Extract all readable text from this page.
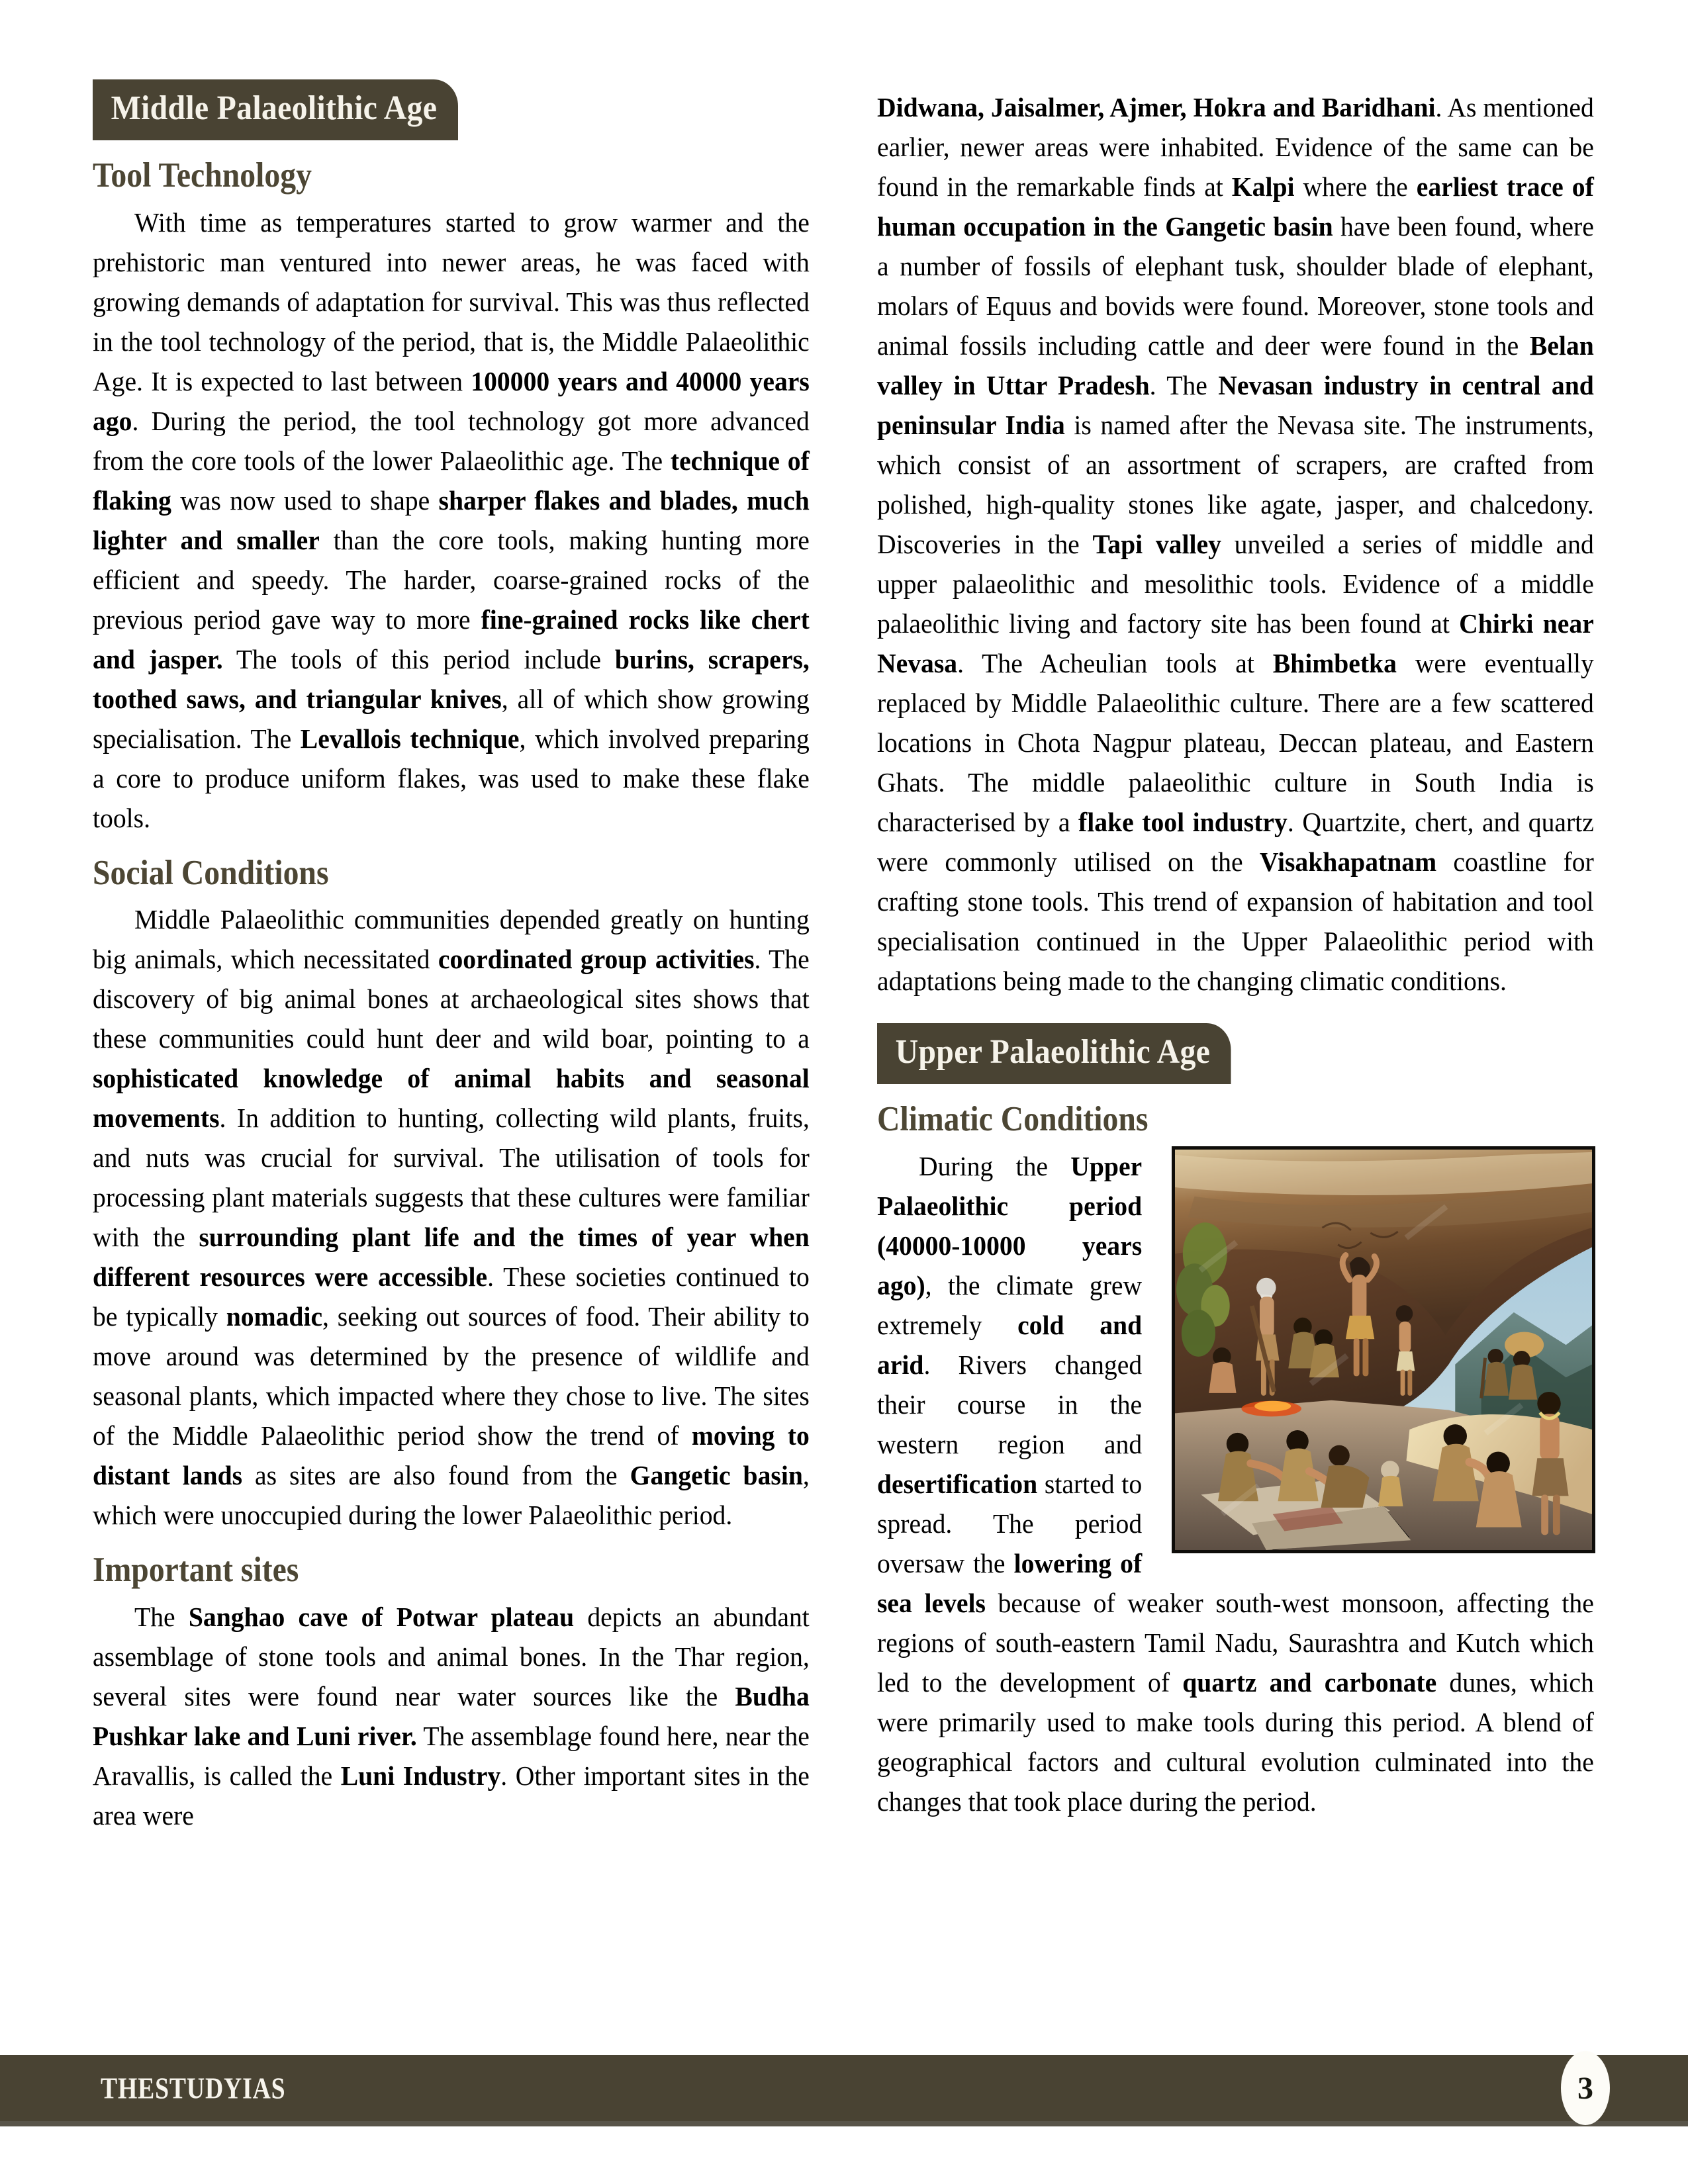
Middle Palaeolithic Age
Tool Technology

With time as temperatures started to grow warmer and the prehistoric man ventured into newer areas, he was faced with growing demands of adaptation for survival. This was thus reflected in the tool technology of the period, that is, the Middle Palaeolithic Age. It is expected to last between 100000 years and 40000 years ago. During the period, the tool technology got more advanced from the core tools of the lower Palaeolithic age. The technique of flaking was now used to shape sharper flakes and blades, much lighter and smaller than the core tools, making hunting more efficient and speedy. The harder, coarse-grained rocks of the previous period gave way to more fine-grained rocks like chert and jasper. The tools of this period include burins, scrapers, toothed saws, and triangular knives, all of which show growing specialisation. The Levallois technique, which involved preparing a core to produce uniform flakes, was used to make these flake tools.

Social Conditions

Middle Palaeolithic communities depended greatly on hunting big animals, which necessitated coordinated group activities. The discovery of big animal bones at archaeological sites shows that these communities could hunt deer and wild boar, pointing to a sophisticated knowledge of animal habits and seasonal movements. In addition to hunting, collecting wild plants, fruits, and nuts was crucial for survival. The utilisation of tools for processing plant materials suggests that these cultures were familiar with the surrounding plant life and the times of year when different resources were accessible. These societies continued to be typically nomadic, seeking out sources of food. Their ability to move around was determined by the presence of wildlife and seasonal plants, which impacted where they chose to live. The sites of the Middle Palaeolithic period show the trend of moving to distant lands as sites are also found from the Gangetic basin, which were unoccupied during the lower Palaeolithic period.

Important sites

The Sanghao cave of Potwar plateau depicts an abundant assemblage of stone tools and animal bones. In the Thar region, several sites were found near water sources like the Budha Pushkar lake and Luni river. The assemblage found here, near the Aravallis, is called the Luni Industry. Other important sites in the area were

Didwana, Jaisalmer, Ajmer, Hokra and Baridhani. As mentioned earlier, newer areas were inhabited. Evidence of the same can be found in the remarkable finds at Kalpi where the earliest trace of human occupation in the Gangetic basin have been found, where a number of fossils of elephant tusk, shoulder blade of elephant, molars of Equus and bovids were found. Moreover, stone tools and animal fossils including cattle and deer were found in the Belan valley in Uttar Pradesh. The Nevasan industry in central and peninsular India is named after the Nevasa site. The instruments, which consist of an assortment of scrapers, are crafted from polished, high-quality stones like agate, jasper, and chalcedony. Discoveries in the Tapi valley unveiled a series of middle and upper palaeolithic and mesolithic tools. Evidence of a middle palaeolithic living and factory site has been found at Chirki near Nevasa. The Acheulian tools at Bhimbetka were eventually replaced by Middle Palaeolithic culture. There are a few scattered locations in Chota Nagpur plateau, Deccan plateau, and Eastern Ghats. The middle palaeolithic culture in South India is characterised by a flake tool industry. Quartzite, chert, and quartz were commonly utilised on the Visakhapatnam coastline for crafting stone tools. This trend of expansion of habitation and tool specialisation continued in the Upper Palaeolithic period with adaptations being made to the changing climatic conditions.

Upper Palaeolithic Age
Climatic Conditions

During the Upper Palaeolithic period (40000-10000 years ago), the climate grew extremely cold and arid. Rivers changed their course in the western region and desertification started to spread. The period oversaw the lowering of sea levels because of weaker south-west monsoon, affecting the regions of south-eastern Tamil Nadu, Saurashtra and Kutch which led to the development of quartz and carbonate dunes, which were primarily used to make tools during this period. A blend of geographical factors and cultural evolution culminated into the changes that took place during the period.

THESTUDYIAS	3
